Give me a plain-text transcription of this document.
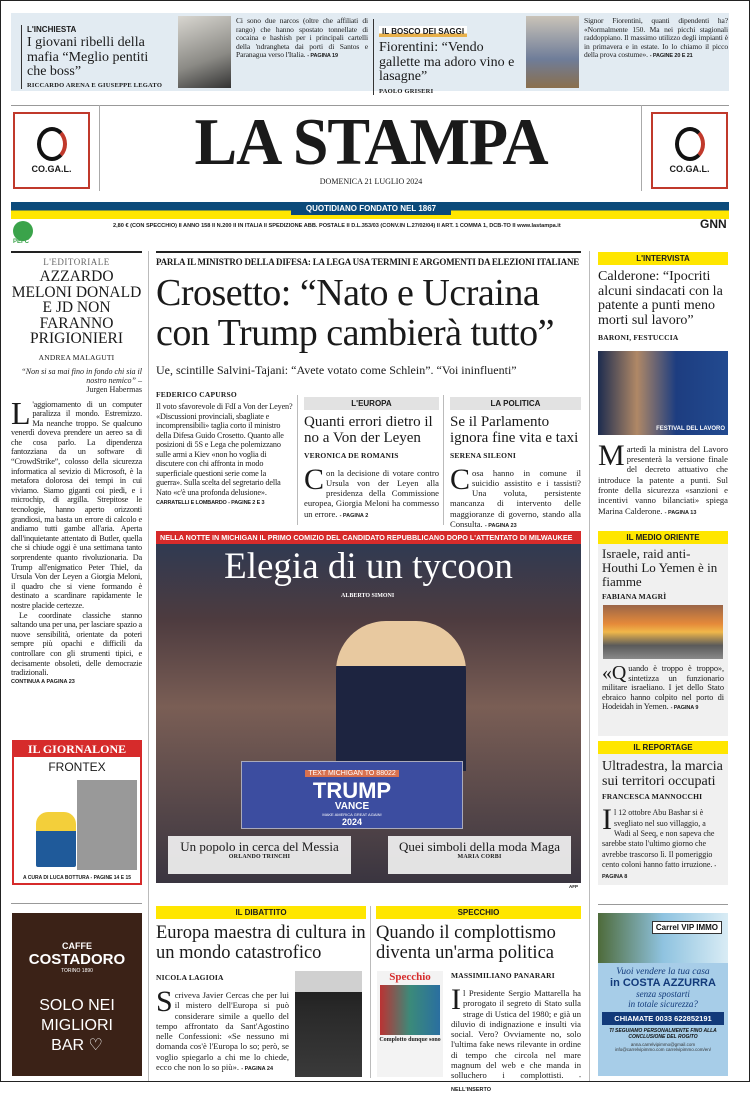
L'INCHIESTA
I giovani ribelli della mafia “Meglio pentiti che boss”
RICCARDO ARENA E GIUSEPPE LEGATO
Ci sono due narcos (oltre che affiliati di rango) che hanno spostato tonnellate di cocaina e hashish per i principali cartelli della 'ndrangheta dai porti di Santos e Paranagua verso l'Italia. - PAGINA 19
IL BOSCO DEI SAGGI
Fiorentini: “Vendo gallette ma adoro vino e lasagne”
PAOLO GRISERI
Signor Fiorentini, quanti dipendenti ha? «Normalmente 150. Ma nei picchi stagionali raddoppiano. Il massimo utilizzo degli impianti è in primavera e in estate. Io lo chiamo il picco della prova costume». - PAGINE 20 E 21
CO.GA.L.	LA STAMPA
DOMENICA 21 LUGLIO 2024
CO.GA.L.
QUOTIDIANO FONDATO NEL 1867
PEFC
2,80 € (CON SPECCHIO) II ANNO 158 II N.200 II IN ITALIA II SPEDIZIONE ABB. POSTALE II D.L.353/03 (CONV.IN L.27/02/04) II ART. 1 COMMA 1, DCB-TO II www.lastampa.it	GNN
L'EDITORIALE
AZZARDO MELONI DONALD E JD NON FARANNO PRIGIONIERI
ANDREA MALAGUTI
“Non si sa mai fino in fondo chi sia il nostro nemico” –
Jurgen Habermas
L 'aggiornamento di un computer paralizza il mondo. Estremizzo. Ma neanche troppo. Se qualcuno venerdì doveva prendere un aereo sa di che cosa parlo. La dipendenza fantozziana da un software di “CrowdStrike”, colosso della sicurezza informatica al sevizio di Microsoft, è la metafora dolorosa dei tempi in cui viviamo. Siamo giganti coi piedi, e i microchip, di argilla. Strepitose le tecnologie, hanno aperto orizzonti grandiosi, ma basta un errore di calcolo e andiamo tutti gambe all'aria. Aperta dall'inquietante attentato di Butler, quella che si chiude oggi è una settimana tanto sorprendente quanto rivoluzionaria. Da Trump all'enigmatico Peter Thiel, da Ursula Von der Leyen a Giorgia Meloni, il quadro che si viene formando è destinato a scardinare rapidamente le nostre placide certezze.
Le coordinate classiche stanno saltando una per una, per lasciare spazio a nuove sensibilità, orientate da poteri sempre più opachi e difficili da controllare con gli strumenti tipici, e decisamente obsoleti, delle democrazie tradizionali.
CONTINUA A PAGINA 23
IL GIORNALONE
FRONTEX
A CURA DI LUCA BOTTURA - PAGINE 14 E 15
CAFFE
COSTADORO
TORINO 1890
SOLO NEI MIGLIORI BAR ♡
PARLA IL MINISTRO DELLA DIFESA: LA LEGA USA TERMINI E ARGOMENTI DA ELEZIONI ITALIANE
Crosetto: “Nato e Ucraina con Trump cambierà tutto”
Ue, scintille Salvini-Tajani: “Avete votato come Schlein”. “Voi ininfluenti”
FEDERICO CAPURSO
Il voto sfavorevole di FdI a Von der Leyen? «Discussioni provinciali, sbagliate e incomprensibili» taglia corto il ministro della Difesa Guido Crosetto. Quanto alle posizioni di 5S e Lega che polemizzano sulle armi a Kiev «non ho voglia di discutere con chi affronta in modo superficiale questioni serie come la guerra». Sulla scelta del segretario della Nato «c'è una profonda delusione». CARRATELLI E LOMBARDO - PAGINE 2 E 3
L'EUROPA
Quanti errori dietro il no a Von der Leyen
VERONICA DE ROMANIS
Con la decisione di votare contro Ursula von der Leyen alla presidenza della Commissione europea, Giorgia Meloni ha commesso un errore. - PAGINA 2
LA POLITICA
Se il Parlamento ignora fine vita e taxi
SERENA SILEONI
Cosa hanno in comune il suicidio assistito e i tassisti? Una voluta, persistente mancanza di intervento delle maggioranze di governo, stando alla Consulta. - PAGINA 23
NELLA NOTTE IN MICHIGAN IL PRIMO COMIZIO DEL CANDIDATO REPUBBLICANO DOPO L'ATTENTATO DI MILWAUKEE
Elegia di un tycoon
ALBERTO SIMONI
TEXT MICHIGAN TO 88022
TRUMP
VANCE
MAKE AMERICA GREAT AGAIN!
2024
Un popolo in cerca del Messia
ORLANDO TRINCHI
Quei simboli della moda Maga
MARIA CORBI
AFP
L'INTERVISTA
Calderone: “Ipocriti alcuni sindacati con la patente a punti meno morti sul lavoro”
BARONI, FESTUCCIA
FESTIVAL DEL LAVORO
Martedì la ministra del Lavoro presenterà la versione finale del decreto attuativo che introduce la patente a punti. Sul fronte della sicurezza «sanzioni e incentivi vanno bilanciati» spiega Marina Calderone. - PAGINA 13
IL MEDIO ORIENTE
Israele, raid anti-Houthi Lo Yemen è in fiamme
FABIANA MAGRÌ
«Quando è troppo è troppo», sintetizza un funzionario militare israeliano. I jet dello Stato ebraico hanno colpito nel porto di Hodeidah in Yemen. - PAGINA 9
IL REPORTAGE
Ultradestra, la marcia sui territori occupati
FRANCESCA MANNOCCHI
Il 12 ottobre Abu Bashar si è svegliato nel suo villaggio, a Wadi al Seeq, e non sapeva che sarebbe stato l'ultimo giorno che avrebbe trascorso lì. Il pomeriggio cento coloni hanno fatto irruzione. - PAGINA 8
IL DIBATTITO
Europa maestra di cultura in un mondo catastrofico
NICOLA LAGIOIA
Scriveva Javier Cercas che per lui il mistero dell'Europa si può considerare simile a quello del tempo affrontato da Sant'Agostino nelle Confessioni: «Se nessuno mi domanda cos'è l'Europa lo so; però, se voglio spiegarlo a chi me lo chiede, ecco che non lo so più». - PAGINA 24
SPECCHIO
Quando il complottismo diventa un'arma politica
Specchio
Complotto dunque sono
MASSIMILIANO PANARARI
Il Presidente Sergio Mattarella ha prorogato il segreto di Stato sulla strage di Ustica del 1980; e già un diluvio di indignazione e insulti via social. Vero? Ovviamente no, solo l'ultima fake news rilevante in ordine di tempo che circola nel mare magnum del web e che manda in solluchero i complottisti.	- NELL'INSERTO
Carrel VIP IMMO
Vuoi vendere la tua casa
in COSTA AZZURRA
senza spostarti
in totale sicurezza?
CHIAMATE 0033 622852191
TI SEGUIAMO PERSONALMENTE FINO ALLA CONCLUSIONE DEL ROGITO
anna.carrelvipimmo@gmail.com info@carrelvipimmo.com carrelvipimmo.com/en/
